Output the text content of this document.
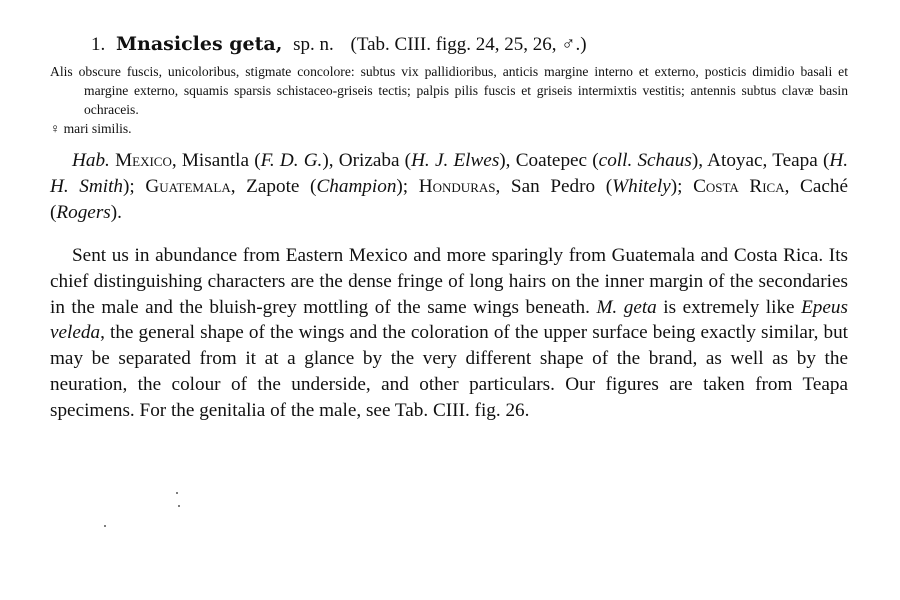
1. Mnasicles geta, sp. n. (Tab. CIII. figg. 24, 25, 26, ♂.)

Alis obscure fuscis, unicoloribus, stigmate concolore: subtus vix pallidioribus, anticis margine interno et externo, posticis dimidio basali et margine externo, squamis sparsis schistaceo-griseis tectis; palpis pilis fuscis et griseis intermixtis vestitis; antennis subtus clavæ basin ochraceis.

♀ mari similis.

Hab. Mexico, Misantla (F. D. G.), Orizaba (H. J. Elwes), Coatepec (coll. Schaus), Atoyac, Teapa (H. H. Smith); Guatemala, Zapote (Champion); Honduras, San Pedro (Whitely); Costa Rica, Caché (Rogers).
Sent us in abundance from Eastern Mexico and more sparingly from Guatemala and Costa Rica. Its chief distinguishing characters are the dense fringe of long hairs on the inner margin of the secondaries in the male and the bluish-grey mottling of the same wings beneath. M. geta is extremely like Epeus veleda, the general shape of the wings and the coloration of the upper surface being exactly similar, but may be separated from it at a glance by the very different shape of the brand, as well as by the neuration, the colour of the underside, and other particulars. Our figures are taken from Teapa specimens. For the genitalia of the male, see Tab. CIII. fig. 26.
